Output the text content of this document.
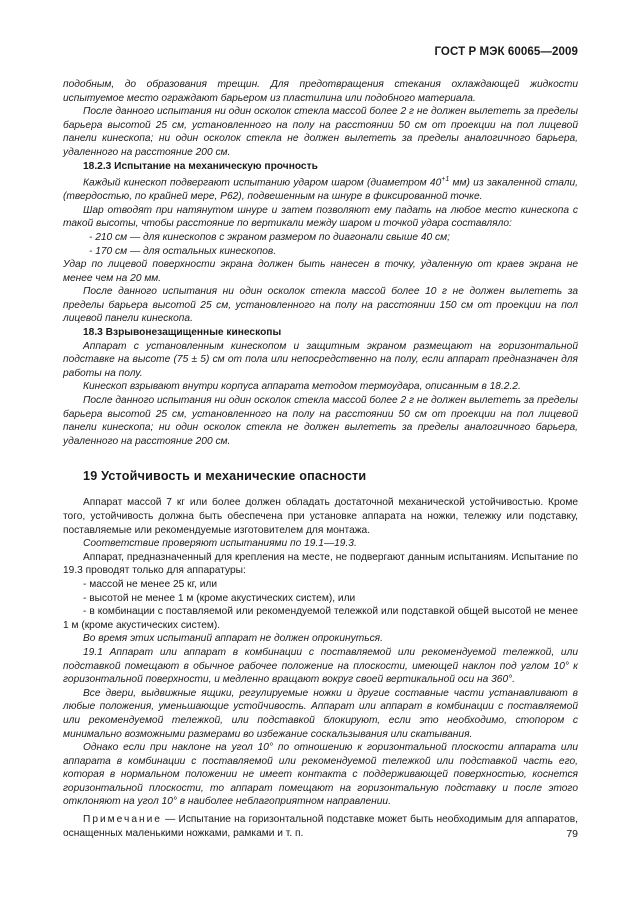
ГОСТ Р МЭК 60065—2009

подобным, до образования трещин. Для предотвращения стекания охлаждающей жидкости испытуемое место ограждают барьером из пластилина или подобного материала.

После данного испытания ни один осколок стекла массой более 2 г не должен вылететь за пределы барьера высотой 25 см, установленного на полу на расстоянии 50 см от проекции на пол лицевой панели кинескопа; ни один осколок стекла не должен вылететь за пределы аналогичного барьера, удаленного на расстояние 200 см.

18.2.3 Испытание на механическую прочность

Каждый кинескоп подвергают испытанию ударом шаром (диаметром $40^{+1}$ мм) из закаленной стали, (твердостью, по крайней мере, Р62), подвешенным на шнуре в фиксированной точке.

Шар отводят при натянутом шнуре и затем позволяют ему падать на любое место кинескопа с такой высоты, чтобы расстояние по вертикали между шаром и точкой удара составляло:

- 210 см — для кинескопов с экраном размером по диагонали свыше 40 см;

- 170 см — для остальных кинескопов.

Удар по лицевой поверхности экрана должен быть нанесен в точку, удаленную от краев экрана не менее чем на 20 мм.

После данного испытания ни один осколок стекла массой более 10 г не должен вылететь за пределы барьера высотой 25 см, установленного на полу на расстоянии 150 см от проекции на пол лицевой панели кинескопа.

18.3 Взрывонезащищенные кинескопы

Аппарат с установленным кинескопом и защитным экраном размещают на горизонтальной подставке на высоте (75 ± 5) см от пола или непосредственно на полу, если аппарат предназначен для работы на полу.

Кинескоп взрывают внутри корпуса аппарата методом термоудара, описанным в 18.2.2.

После данного испытания ни один осколок стекла массой более 2 г не должен вылететь за пределы барьера высотой 25 см, установленного на полу на расстоянии 50 см от проекции на пол лицевой панели кинескопа; ни один осколок стекла не должен вылететь за пределы аналогичного барьера, удаленного на расстояние 200 см.

19 Устойчивость и механические опасности

Аппарат массой 7 кг или более должен обладать достаточной механической устойчивостью. Кроме того, устойчивость должна быть обеспечена при установке аппарата на ножки, тележку или подставку, поставляемые или рекомендуемые изготовителем для монтажа.

Соответствие проверяют испытаниями по 19.1—19.3.

Аппарат, предназначенный для крепления на месте, не подвергают данным испытаниям. Испытание по 19.3 проводят только для аппаратуры:

- массой не менее 25 кг, или

- высотой не менее 1 м (кроме акустических систем), или

- в комбинации с поставляемой или рекомендуемой тележкой или подставкой общей высотой не менее 1 м (кроме акустических систем).

Во время этих испытаний аппарат не должен опрокинуться.

19.1 Аппарат или аппарат в комбинации с поставляемой или рекомендуемой тележкой, или подставкой помещают в обычное рабочее положение на плоскости, имеющей наклон под углом 10° к горизонтальной поверхности, и медленно вращают вокруг своей вертикальной оси на 360°.

Все двери, выдвижные ящики, регулируемые ножки и другие составные части устанавливают в любые положения, уменьшающие устойчивость. Аппарат или аппарат в комбинации с поставляемой или рекомендуемой тележкой, или подставкой блокируют, если это необходимо, стопором с минимально возможными размерами во избежание соскальзывания или скатывания.

Однако если при наклоне на угол 10° по отношению к горизонтальной плоскости аппарата или аппарата в комбинации с поставляемой или рекомендуемой тележкой или подставкой часть его, которая в нормальном положении не имеет контакта с поддерживающей поверхностью, коснется горизонтальной плоскости, то аппарат помещают на горизонтальную подставку и после этого отклоняют на угол 10° в наиболее неблагоприятном направлении.

Примечание — Испытание на горизонтальной подставке может быть необходимым для аппаратов, оснащенных маленькими ножками, рамками и т. п.	79
